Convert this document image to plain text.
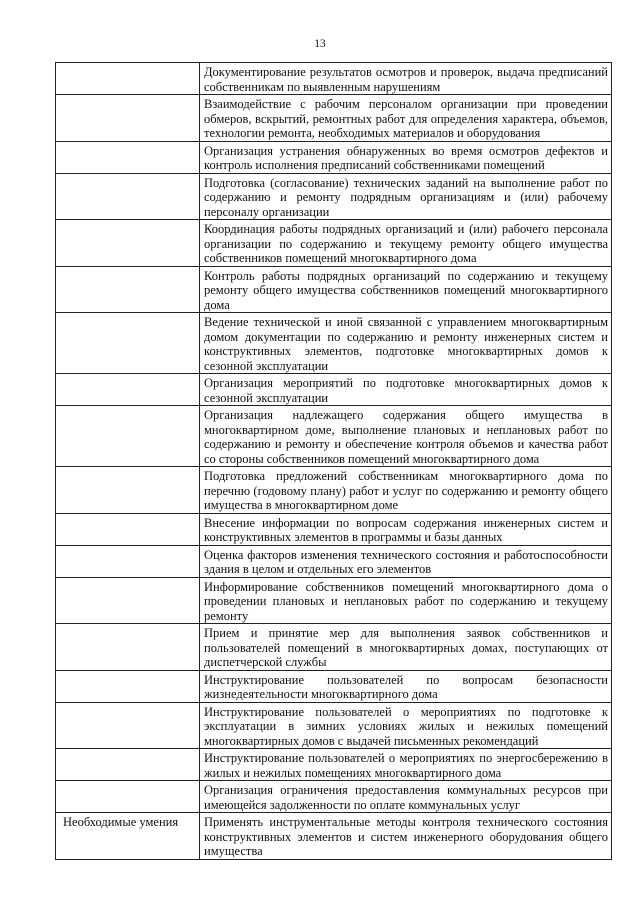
13
	Документирование результатов осмотров и проверок, выдача предписаний собственникам по выявленным нарушениям

	Взаимодействие с рабочим персоналом организации при проведении обмеров, вскрытий, ремонтных работ для определения характера, объемов, технологии ремонта, необходимых материалов и оборудования

	Организация устранения обнаруженных во время осмотров дефектов и контроль исполнения предписаний собственниками помещений

	Подготовка (согласование) технических заданий на выполнение работ по содержанию и ремонту подрядным организациям и (или) рабочему персоналу организации

	Координация работы подрядных организаций и (или) рабочего персонала организации по содержанию и текущему ремонту общего имущества собственников помещений многоквартирного дома

	Контроль работы подрядных организаций по содержанию и текущему ремонту общего имущества собственников помещений многоквартирного дома

	Ведение технической и иной связанной с управлением многоквартирным домом документации по содержанию и ремонту инженерных систем и конструктивных элементов, подготовке многоквартирных домов к сезонной эксплуатации

	Организация мероприятий по подготовке многоквартирных домов к сезонной эксплуатации

	Организация надлежащего содержания общего имущества в многоквартирном доме, выполнение плановых и неплановых работ по содержанию и ремонту и обеспечение контроля объемов и качества работ со стороны собственников помещений многоквартирного дома

	Подготовка предложений собственникам многоквартирного дома по перечню (годовому плану) работ и услуг по содержанию и ремонту общего имущества в многоквартирном доме

	Внесение информации по вопросам содержания инженерных систем и конструктивных элементов в программы и базы данных

	Оценка факторов изменения технического состояния и работоспособности здания в целом и отдельных его элементов

	Информирование собственников помещений многоквартирного дома о проведении плановых и неплановых работ по содержанию и текущему ремонту

	Прием и принятие мер для выполнения заявок собственников и пользователей помещений в многоквартирных домах, поступающих от диспетчерской службы

	Инструктирование пользователей по вопросам безопасности жизнедеятельности многоквартирного дома

	Инструктирование пользователей о мероприятиях по подготовке к эксплуатации в зимних условиях жилых и нежилых помещений многоквартирных домов с выдачей письменных рекомендаций

	Инструктирование пользователей о мероприятиях по энергосбережению в жилых и нежилых помещениях многоквартирного дома

	Организация ограничения предоставления коммунальных ресурсов при имеющейся задолженности по оплате коммунальных услуг

Необходимые умения	Применять инструментальные методы контроля технического состояния конструктивных элементов и систем инженерного оборудования общего имущества
